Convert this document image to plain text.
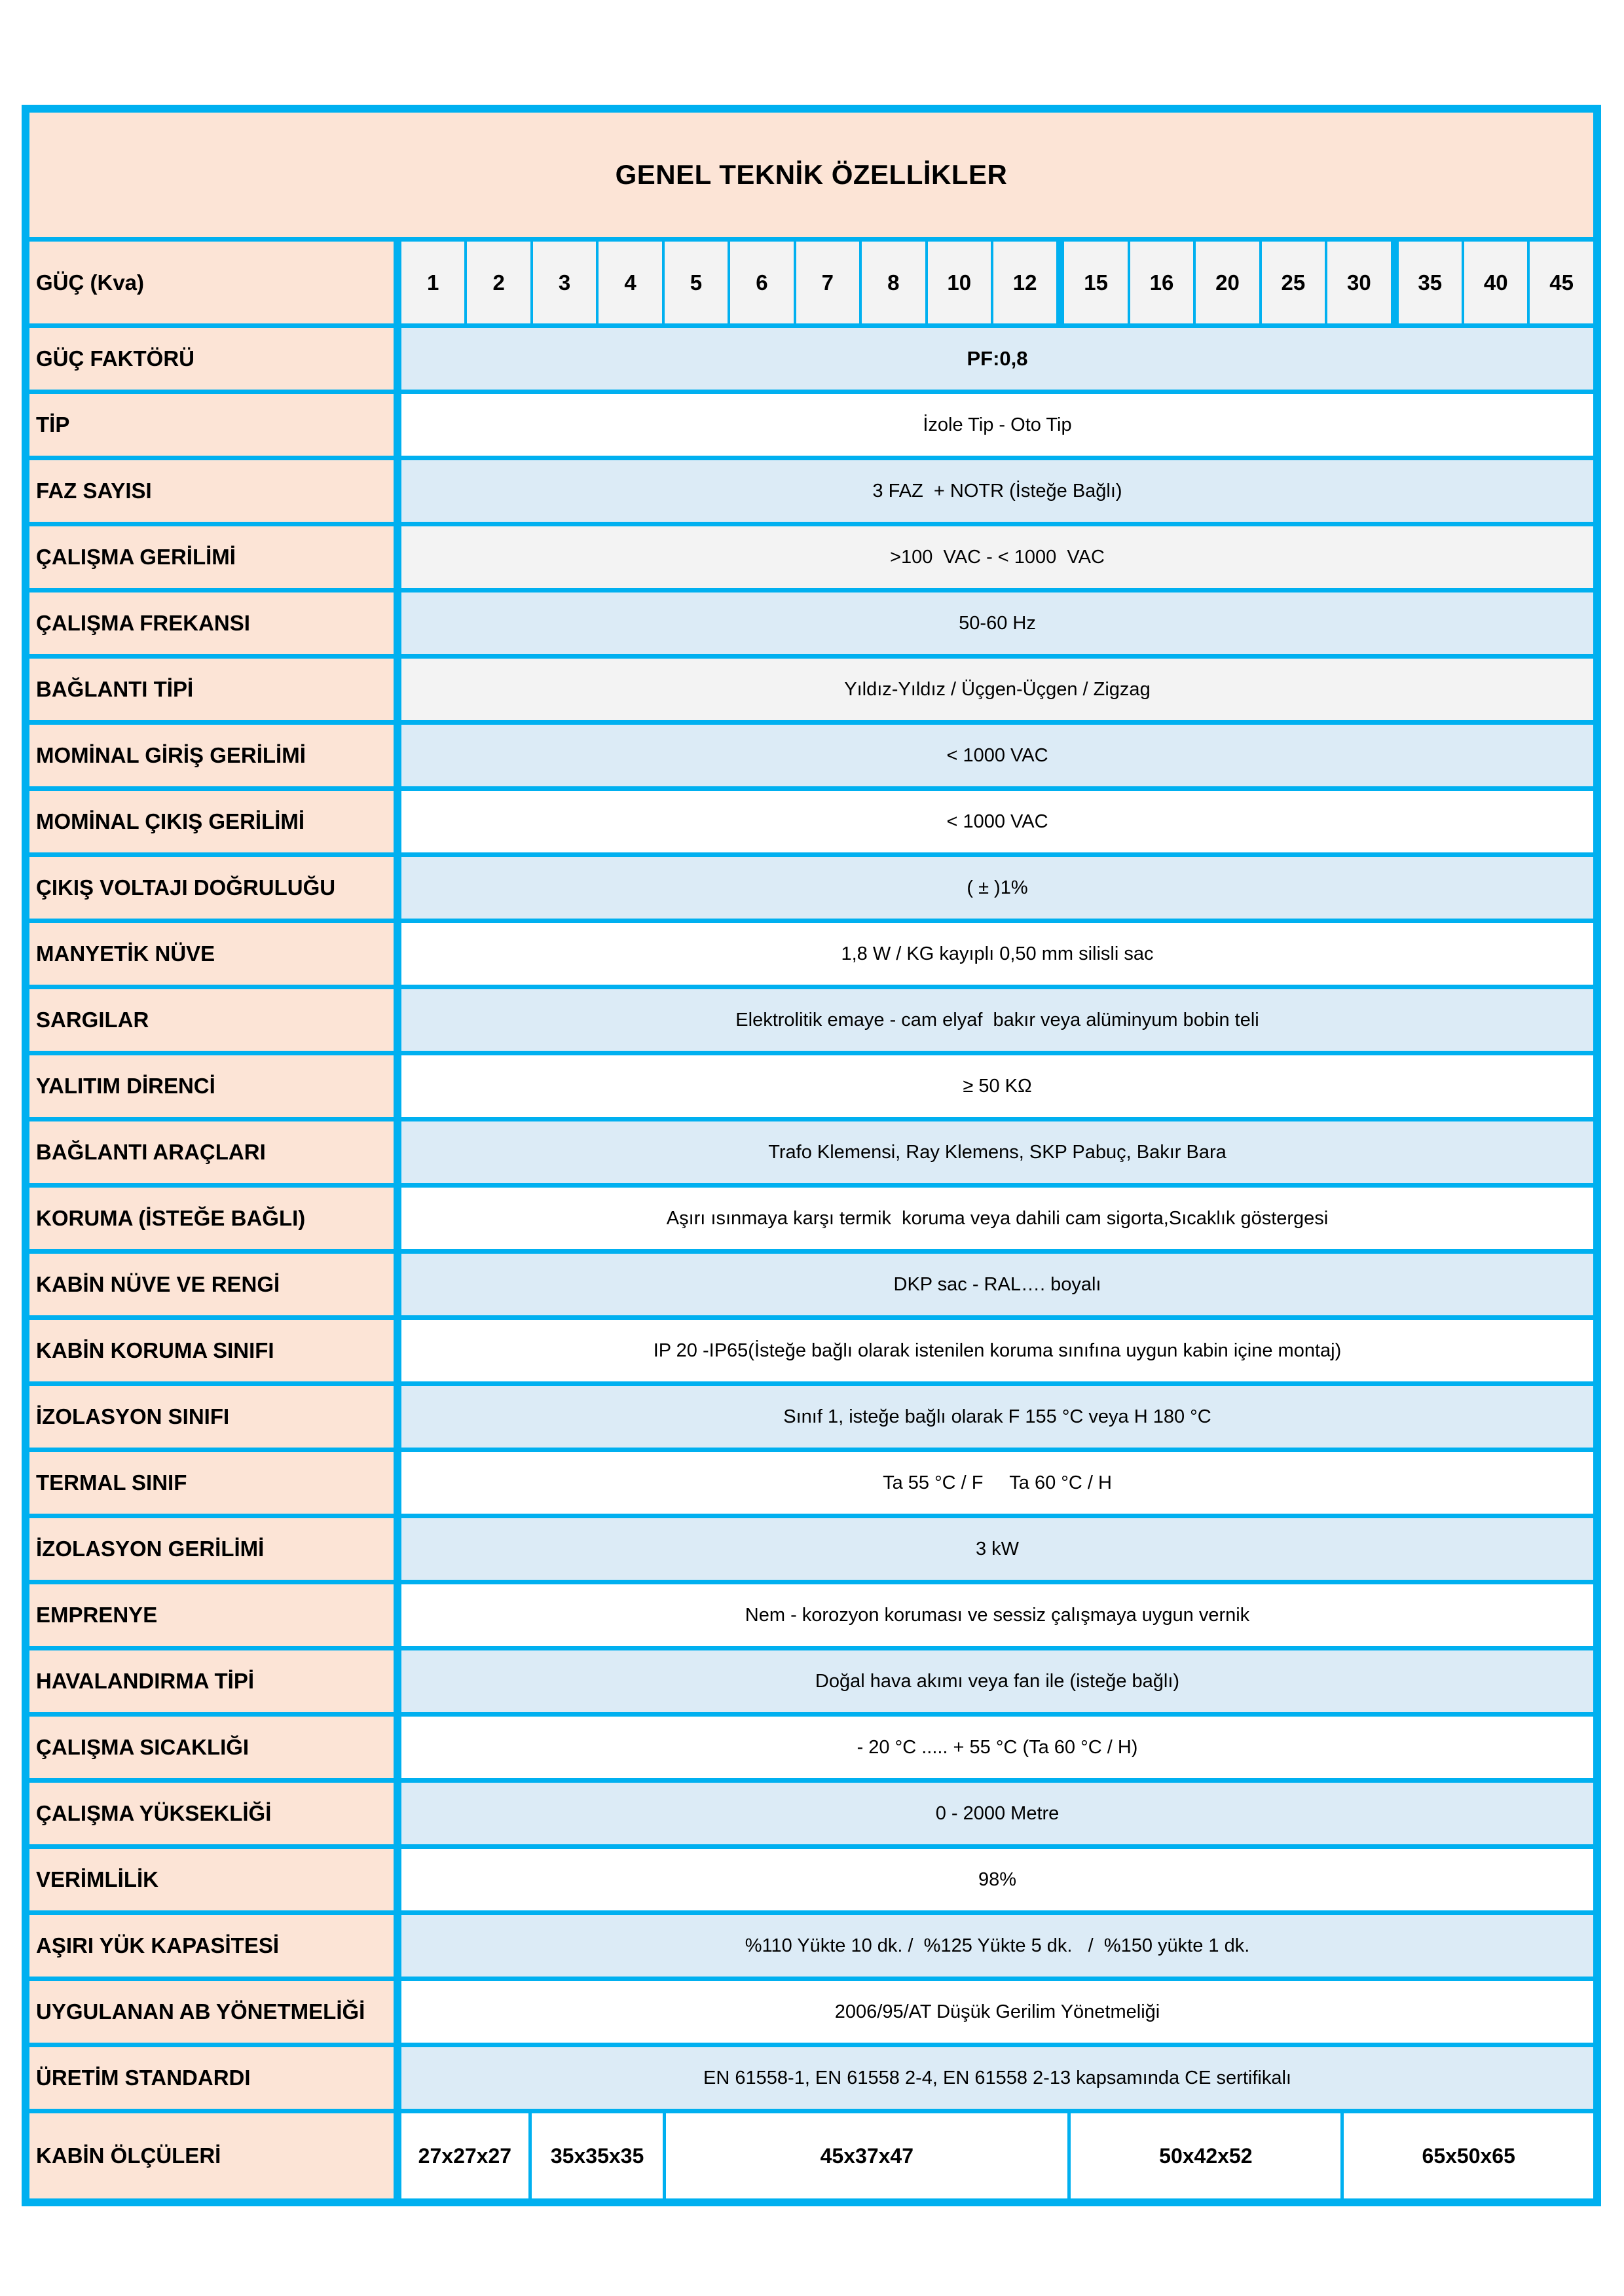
GENEL TEKNİK ÖZELLİKLER
GÜÇ (Kva)	1	2	3	4	5	6	7	8	10	12	15	16	20	25	30	35	40	45
GÜÇ FAKTÖRÜ	PF:0,8
TİP	İzole Tip - Oto Tip
FAZ SAYISI	3 FAZ  + NOTR (İsteğe Bağlı)
ÇALIŞMA GERİLİMİ	>100  VAC - < 1000  VAC
ÇALIŞMA FREKANSI	50-60 Hz
BAĞLANTI TİPİ	Yıldız-Yıldız / Üçgen-Üçgen / Zigzag
MOMİNAL GİRİŞ GERİLİMİ	< 1000 VAC
MOMİNAL ÇIKIŞ GERİLİMİ	< 1000 VAC
ÇIKIŞ VOLTAJI DOĞRULUĞU	( ± )1%
MANYETİK NÜVE	1,8 W / KG kayıplı 0,50 mm silisli sac
SARGILAR	Elektrolitik emaye - cam elyaf  bakır veya alüminyum bobin teli
YALITIM DİRENCİ	≥ 50 KΩ
BAĞLANTI ARAÇLARI	Trafo Klemensi, Ray Klemens, SKP Pabuç, Bakır Bara
KORUMA (İSTEĞE BAĞLI)	Aşırı ısınmaya karşı termik  koruma veya dahili cam sigorta,Sıcaklık göstergesi
KABİN NÜVE VE RENGİ	DKP sac - RAL…. boyalı
KABİN KORUMA SINIFI	IP 20 -IP65(İsteğe bağlı olarak istenilen koruma sınıfına uygun kabin içine montaj)
İZOLASYON SINIFI	Sınıf 1, isteğe bağlı olarak F 155 °C veya H 180 °C
TERMAL SINIF	Ta 55 °C / F     Ta 60 °C / H
İZOLASYON GERİLİMİ	3 kW
EMPRENYE	Nem - korozyon koruması ve sessiz çalışmaya uygun vernik
HAVALANDIRMA TİPİ	Doğal hava akımı veya fan ile (isteğe bağlı)
ÇALIŞMA SICAKLIĞI	- 20 °C ..... + 55 °C (Ta 60 °C / H)
ÇALIŞMA YÜKSEKLİĞİ	0 - 2000 Metre
VERİMLİLİK	98%
AŞIRI YÜK KAPASİTESİ	%110 Yükte 10 dk. /  %125 Yükte 5 dk.   /  %150 yükte 1 dk.
UYGULANAN AB YÖNETMELİĞİ	2006/95/AT Düşük Gerilim Yönetmeliği
ÜRETİM STANDARDI	EN 61558-1, EN 61558 2-4, EN 61558 2-13 kapsamında CE sertifikalı
KABİN ÖLÇÜLERİ	27x27x27	35x35x35	45x37x47	50x42x52	65x50x65
